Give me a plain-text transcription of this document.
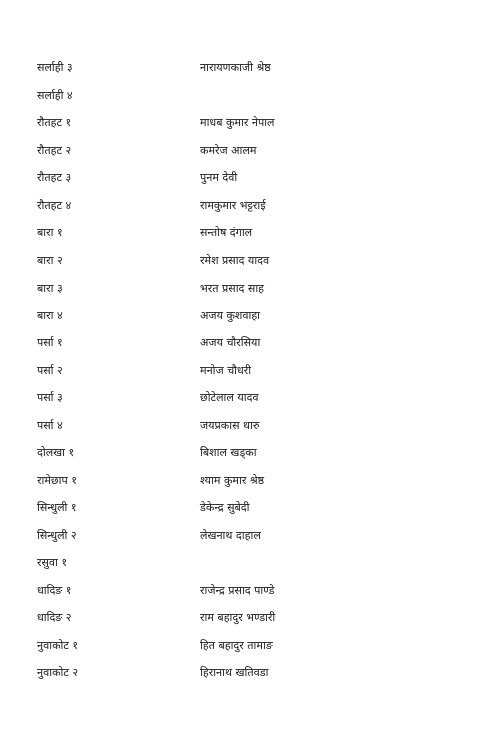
सर्लाही ३	नारायणकाजी श्रेष्ठ
सर्लाही ४
रौतहट १	माधब कुमार नेपाल
रौतहट २	कमरेज आलम
रौतहट ३	पुनम देवी
रौतहट ४	रामकुमार भट्टराई
बारा १	सन्तोष दंगाल
बारा २	रमेश प्रसाद यादव
बारा ३	भरत प्रसाद साह
बारा ४	अजय कुशवाहा
पर्सा १	अजय चौरसिया
पर्सा २	मनोज चौधरी
पर्सा ३	छोटेलाल यादव
पर्सा ४	जयप्रकास थारु
दोलखा १	बिशाल खड्का
रामेछाप १	श्याम कुमार श्रेष्ठ
सिन्धुली १	डेकेन्द्र सुबेदी
सिन्धुली २	लेखनाथ दाहाल
रसुवा १
धादिङ १	राजेन्द्र प्रसाद पाण्डे
धादिङ २	राम बहादुर भण्डारी
नुवाकोट १	हित बहादुर तामाङ
नुवाकोट २	हिरानाथ खतिवडा
